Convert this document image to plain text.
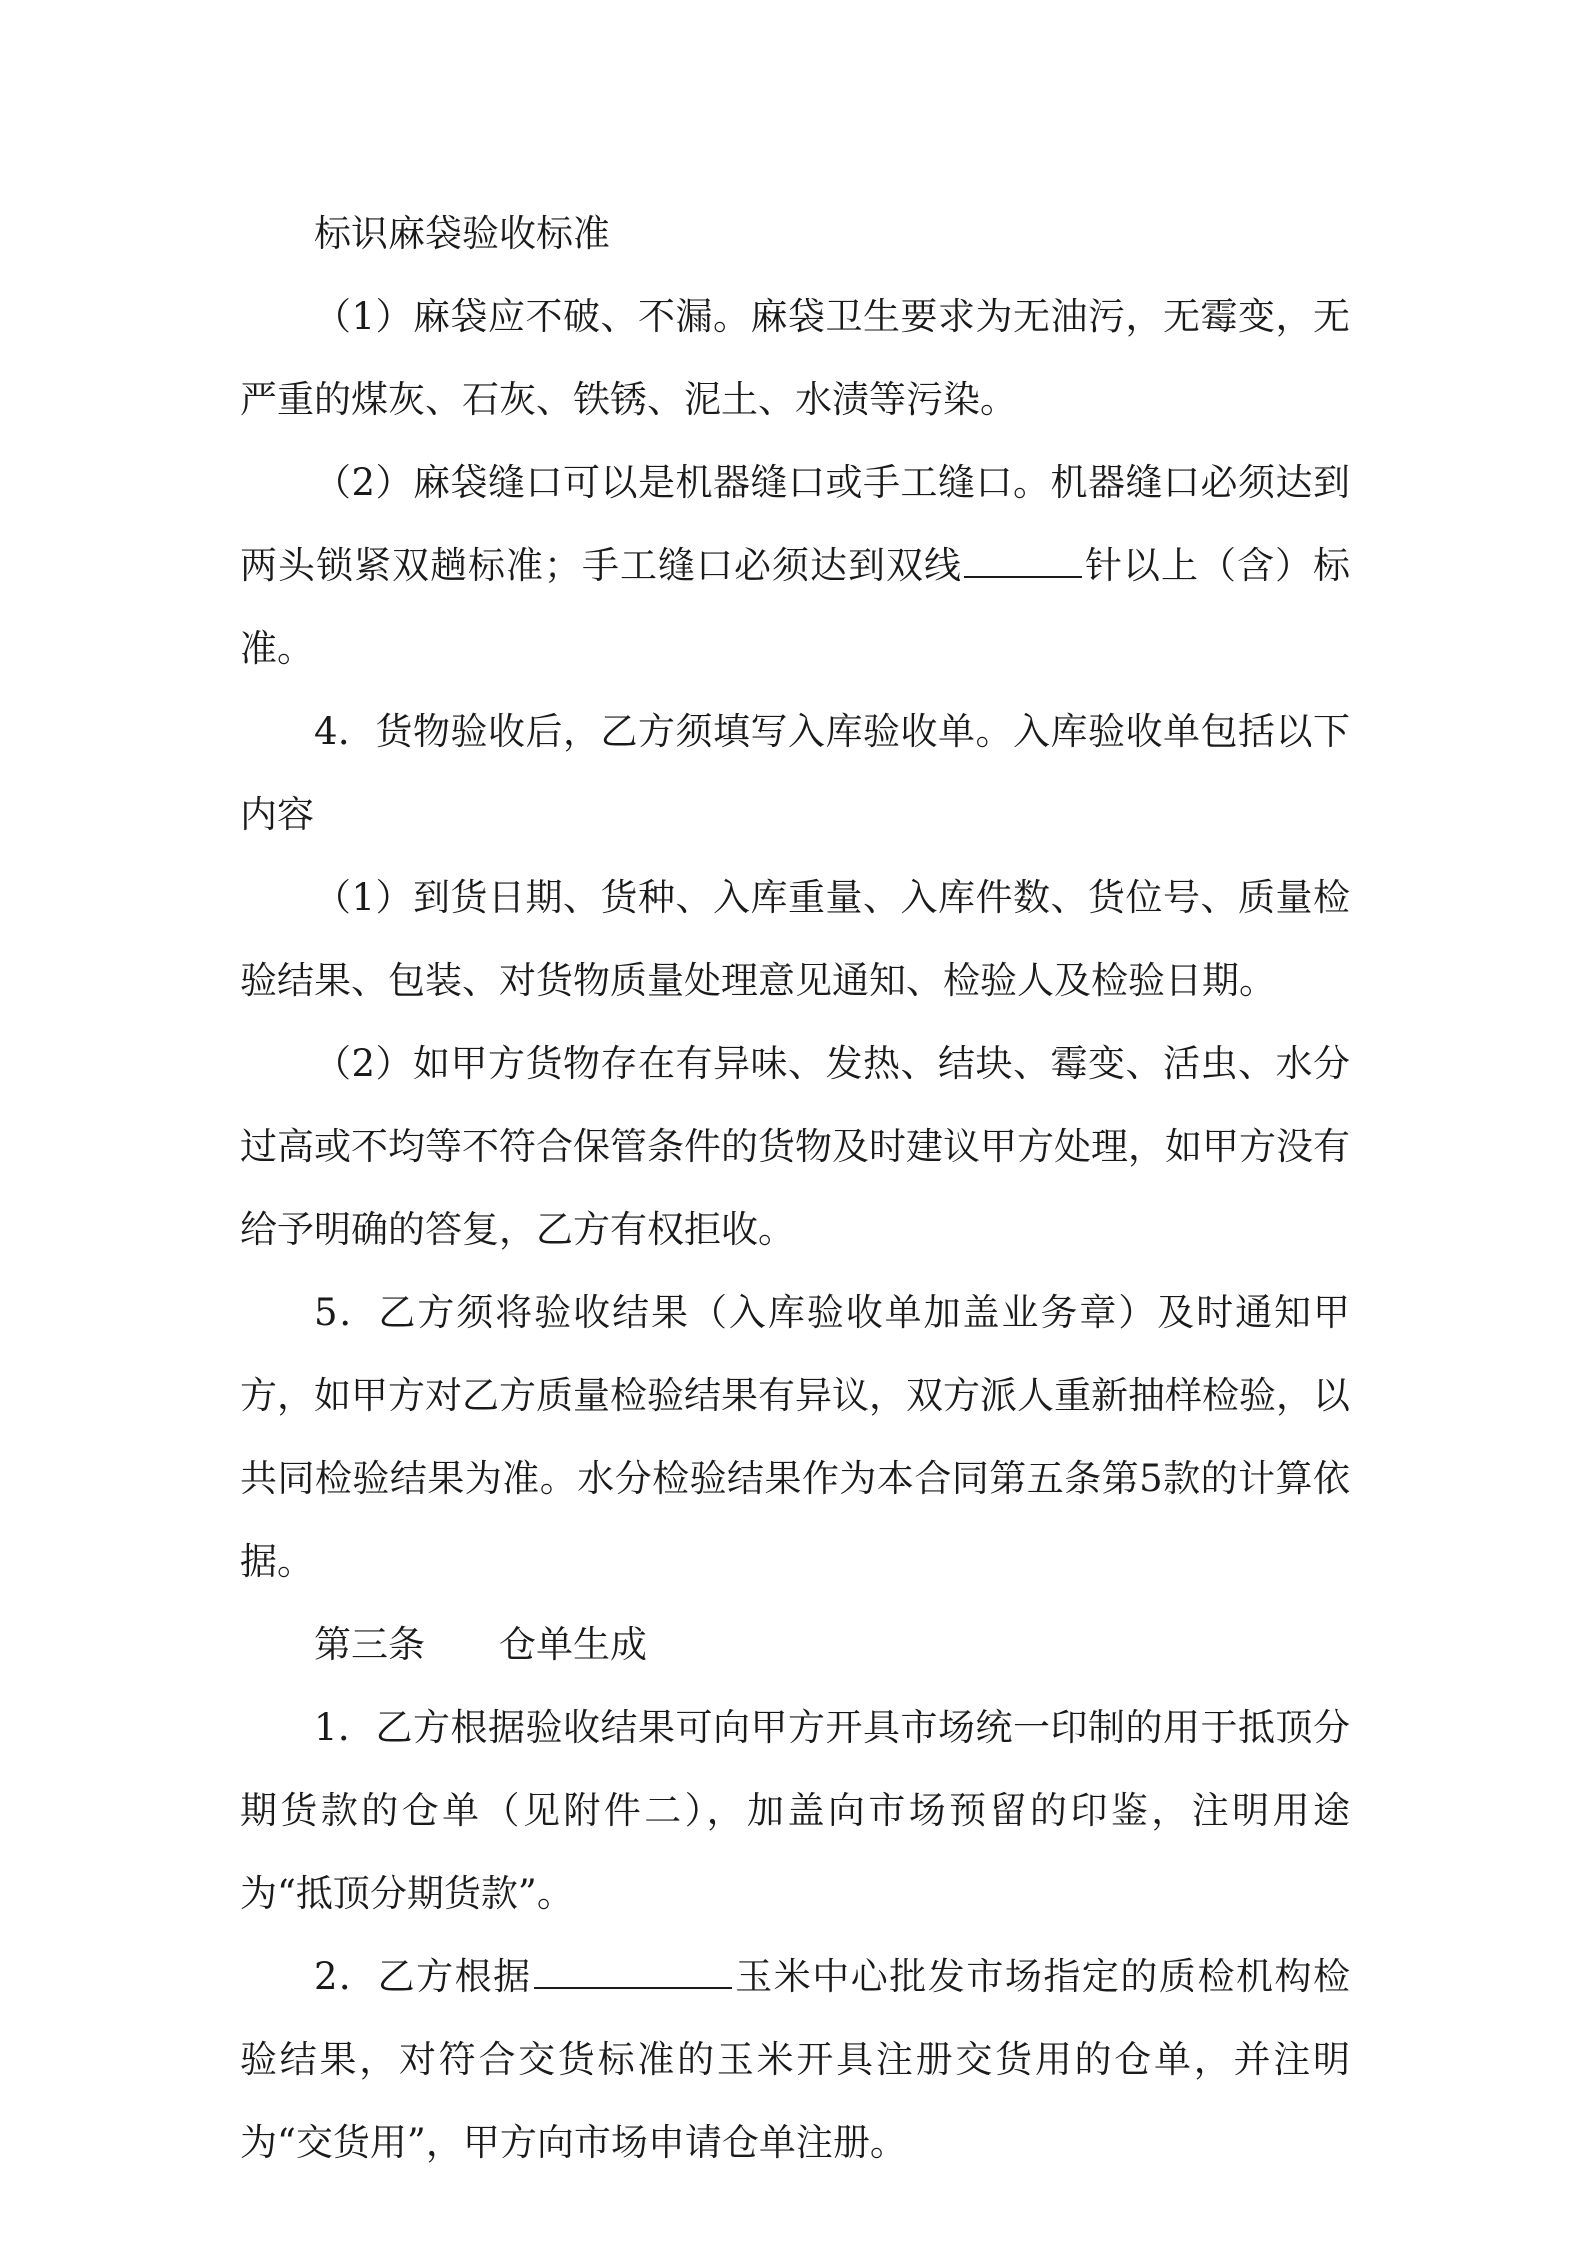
标识麻袋验收标准

（1）麻袋应不破、不漏。麻袋卫生要求为无油污，无霉变，无严重的煤灰、石灰、铁锈、泥土、水渍等污染。

（2）麻袋缝口可以是机器缝口或手工缝口。机器缝口必须达到两头锁紧双趟标准；手工缝口必须达到双线	针以上（含）标准。

4．货物验收后，乙方须填写入库验收单。入库验收单包括以下内容

（1）到货日期、货种、入库重量、入库件数、货位号、质量检验结果、包装、对货物质量处理意见通知、检验人及检验日期。

（2）如甲方货物存在有异味、发热、结块、霉变、活虫、水分过高或不均等不符合保管条件的货物及时建议甲方处理，如甲方没有给予明确的答复，乙方有权拒收。

5．乙方须将验收结果（入库验收单加盖业务章）及时通知甲方，如甲方对乙方质量检验结果有异议，双方派人重新抽样检验，以共同检验结果为准。水分检验结果作为本合同第五条第5款的计算依据。

第三条 仓单生成

1．乙方根据验收结果可向甲方开具市场统一印制的用于抵顶分期货款的仓单（见附件二），加盖向市场预留的印鉴，注明用途为“抵顶分期货款”。

2．乙方根据	玉米中心批发市场指定的质检机构检验结果，对符合交货标准的玉米开具注册交货用的仓单，并注明为“交货用”，甲方向市场申请仓单注册。
